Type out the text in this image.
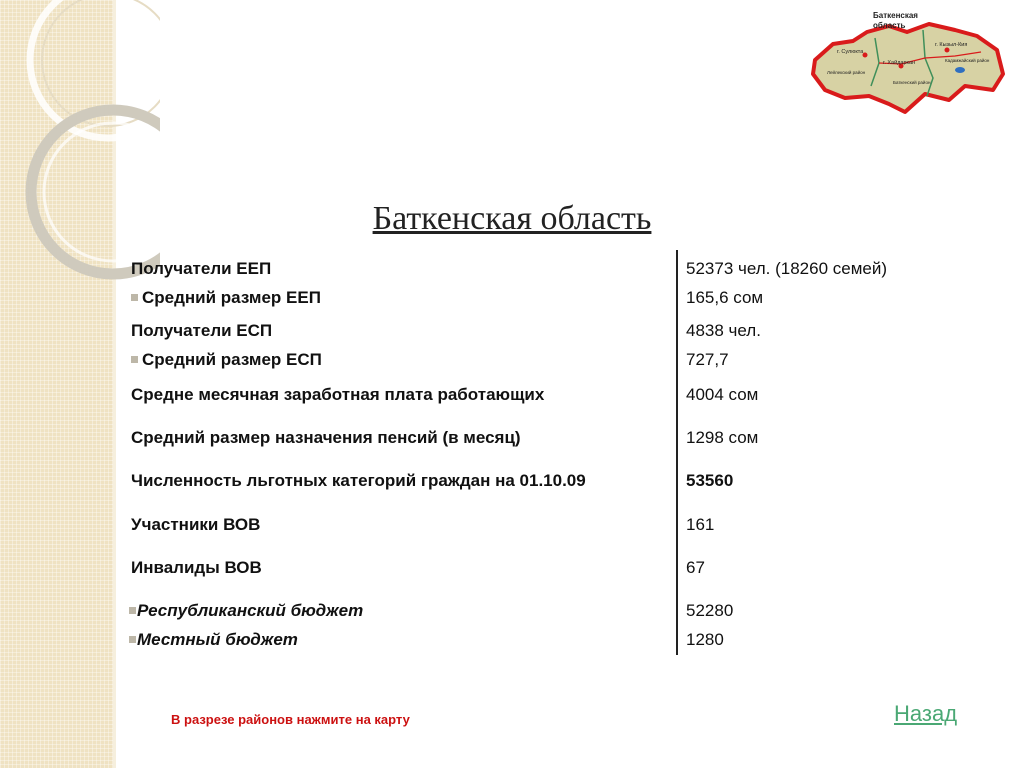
Баткенская
область
г. Сулюкта
г. Кызыл-Кия
г. Хайдаркан
Лейлекский район
Баткенский район
Кадамжайский район
Баткенская область
Получатели ЕЕП	52373 чел. (18260 семей)
Средний размер ЕЕП	165,6 сом
Получатели ЕСП	4838 чел.
Средний размер ЕСП	727,7
Средне месячная заработная плата работающих	4004 сом
Средний размер назначения пенсий (в месяц)	1298 сом
Численность льготных категорий граждан на 01.10.09	53560
Участники ВОВ	161
Инвалиды ВОВ	67
Республиканский бюджет	52280
Местный бюджет	1280
В разрезе районов нажмите на карту	Назад
